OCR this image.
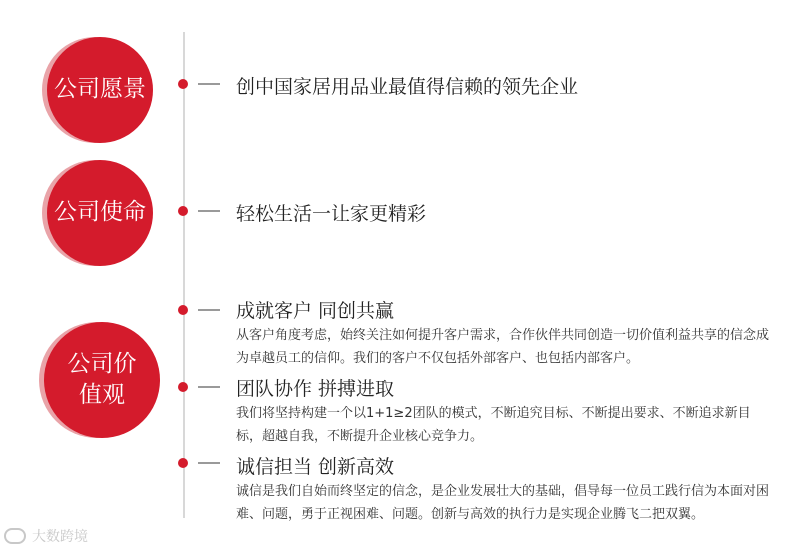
公司愿景	创中国家居用品业最值得信赖的领先企业
公司使命	轻松生活一让家更精彩
公司价值观
成就客户 同创共赢
从客户角度考虑，始终关注如何提升客户需求，合作伙伴共同创造一切价值利益共享的信念成为卓越员工的信仰。我们的客户不仅包括外部客户、也包括内部客户。
团队协作 拼搏进取
我们将坚持构建一个以1+1≥2团队的模式，不断追究目标、不断提出要求、不断追求新目标，超越自我，不断提升企业核心竞争力。
诚信担当 创新高效
诚信是我们自始而终坚定的信念，是企业发展壮大的基础，倡导每一位员工践行信为本面对困难、问题，勇于正视困难、问题。创新与高效的执行力是实现企业腾飞二把双翼。
大数跨境
